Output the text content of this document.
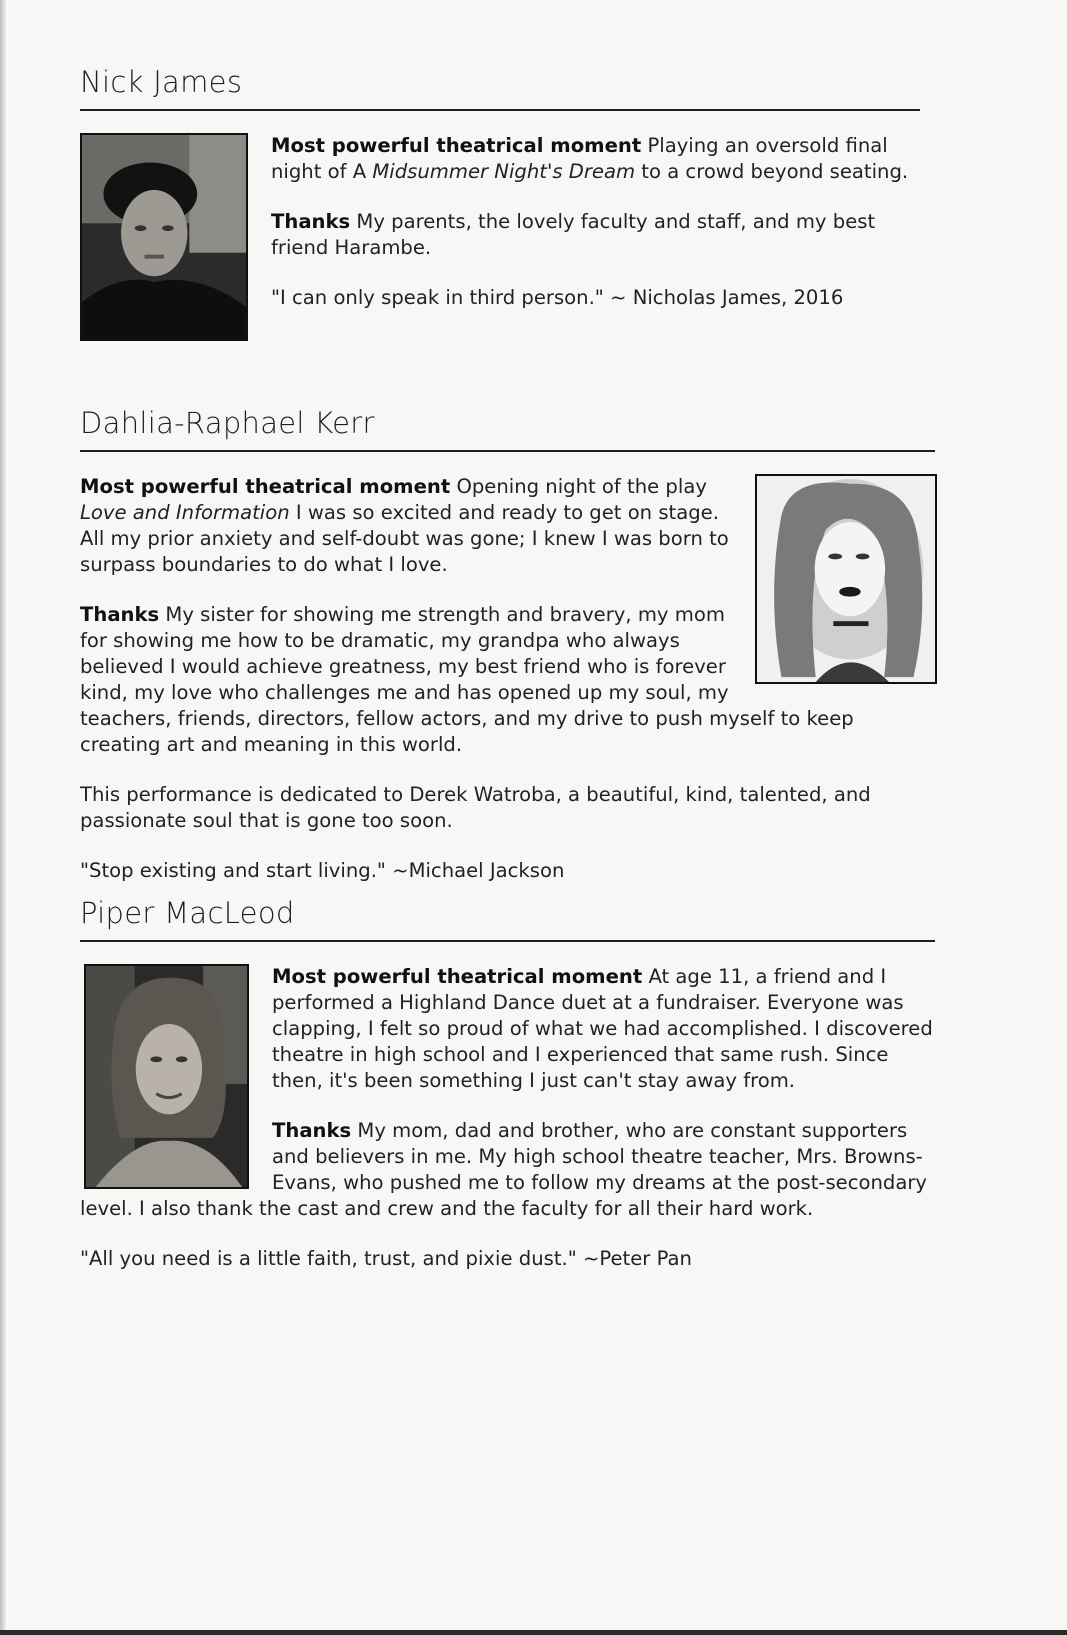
Nick James

Most powerful theatrical moment Playing an oversold final night of A Midsummer Night's Dream to a crowd beyond seating.

Thanks My parents, the lovely faculty and staff, and my best friend Harambe.

"I can only speak in third person." ~ Nicholas James, 2016

Dahlia-Raphael Kerr

Most powerful theatrical moment Opening night of the play Love and Information I was so excited and ready to get on stage. All my prior anxiety and self-doubt was gone; I knew I was born to surpass boundaries to do what I love.

Thanks My sister for showing me strength and bravery, my mom for showing me how to be dramatic, my grandpa who always believed I would achieve greatness, my best friend who is forever kind, my love who challenges me and has opened up my soul, my teachers, friends, directors, fellow actors, and my drive to push myself to keep creating art and meaning in this world.

This performance is dedicated to Derek Watroba, a beautiful, kind, talented, and passionate soul that is gone too soon.

"Stop existing and start living." ~Michael Jackson

Piper MacLeod

Most powerful theatrical moment At age 11, a friend and I performed a Highland Dance duet at a fundraiser. Everyone was clapping, I felt so proud of what we had accomplished. I discovered theatre in high school and I experienced that same rush. Since then, it's been something I just can't stay away from.

Thanks My mom, dad and brother, who are constant supporters and believers in me. My high school theatre teacher, Mrs. Browns-Evans, who pushed me to follow my dreams at the post-secondary level. I also thank the cast and crew and the faculty for all their hard work.

"All you need is a little faith, trust, and pixie dust." ~Peter Pan
